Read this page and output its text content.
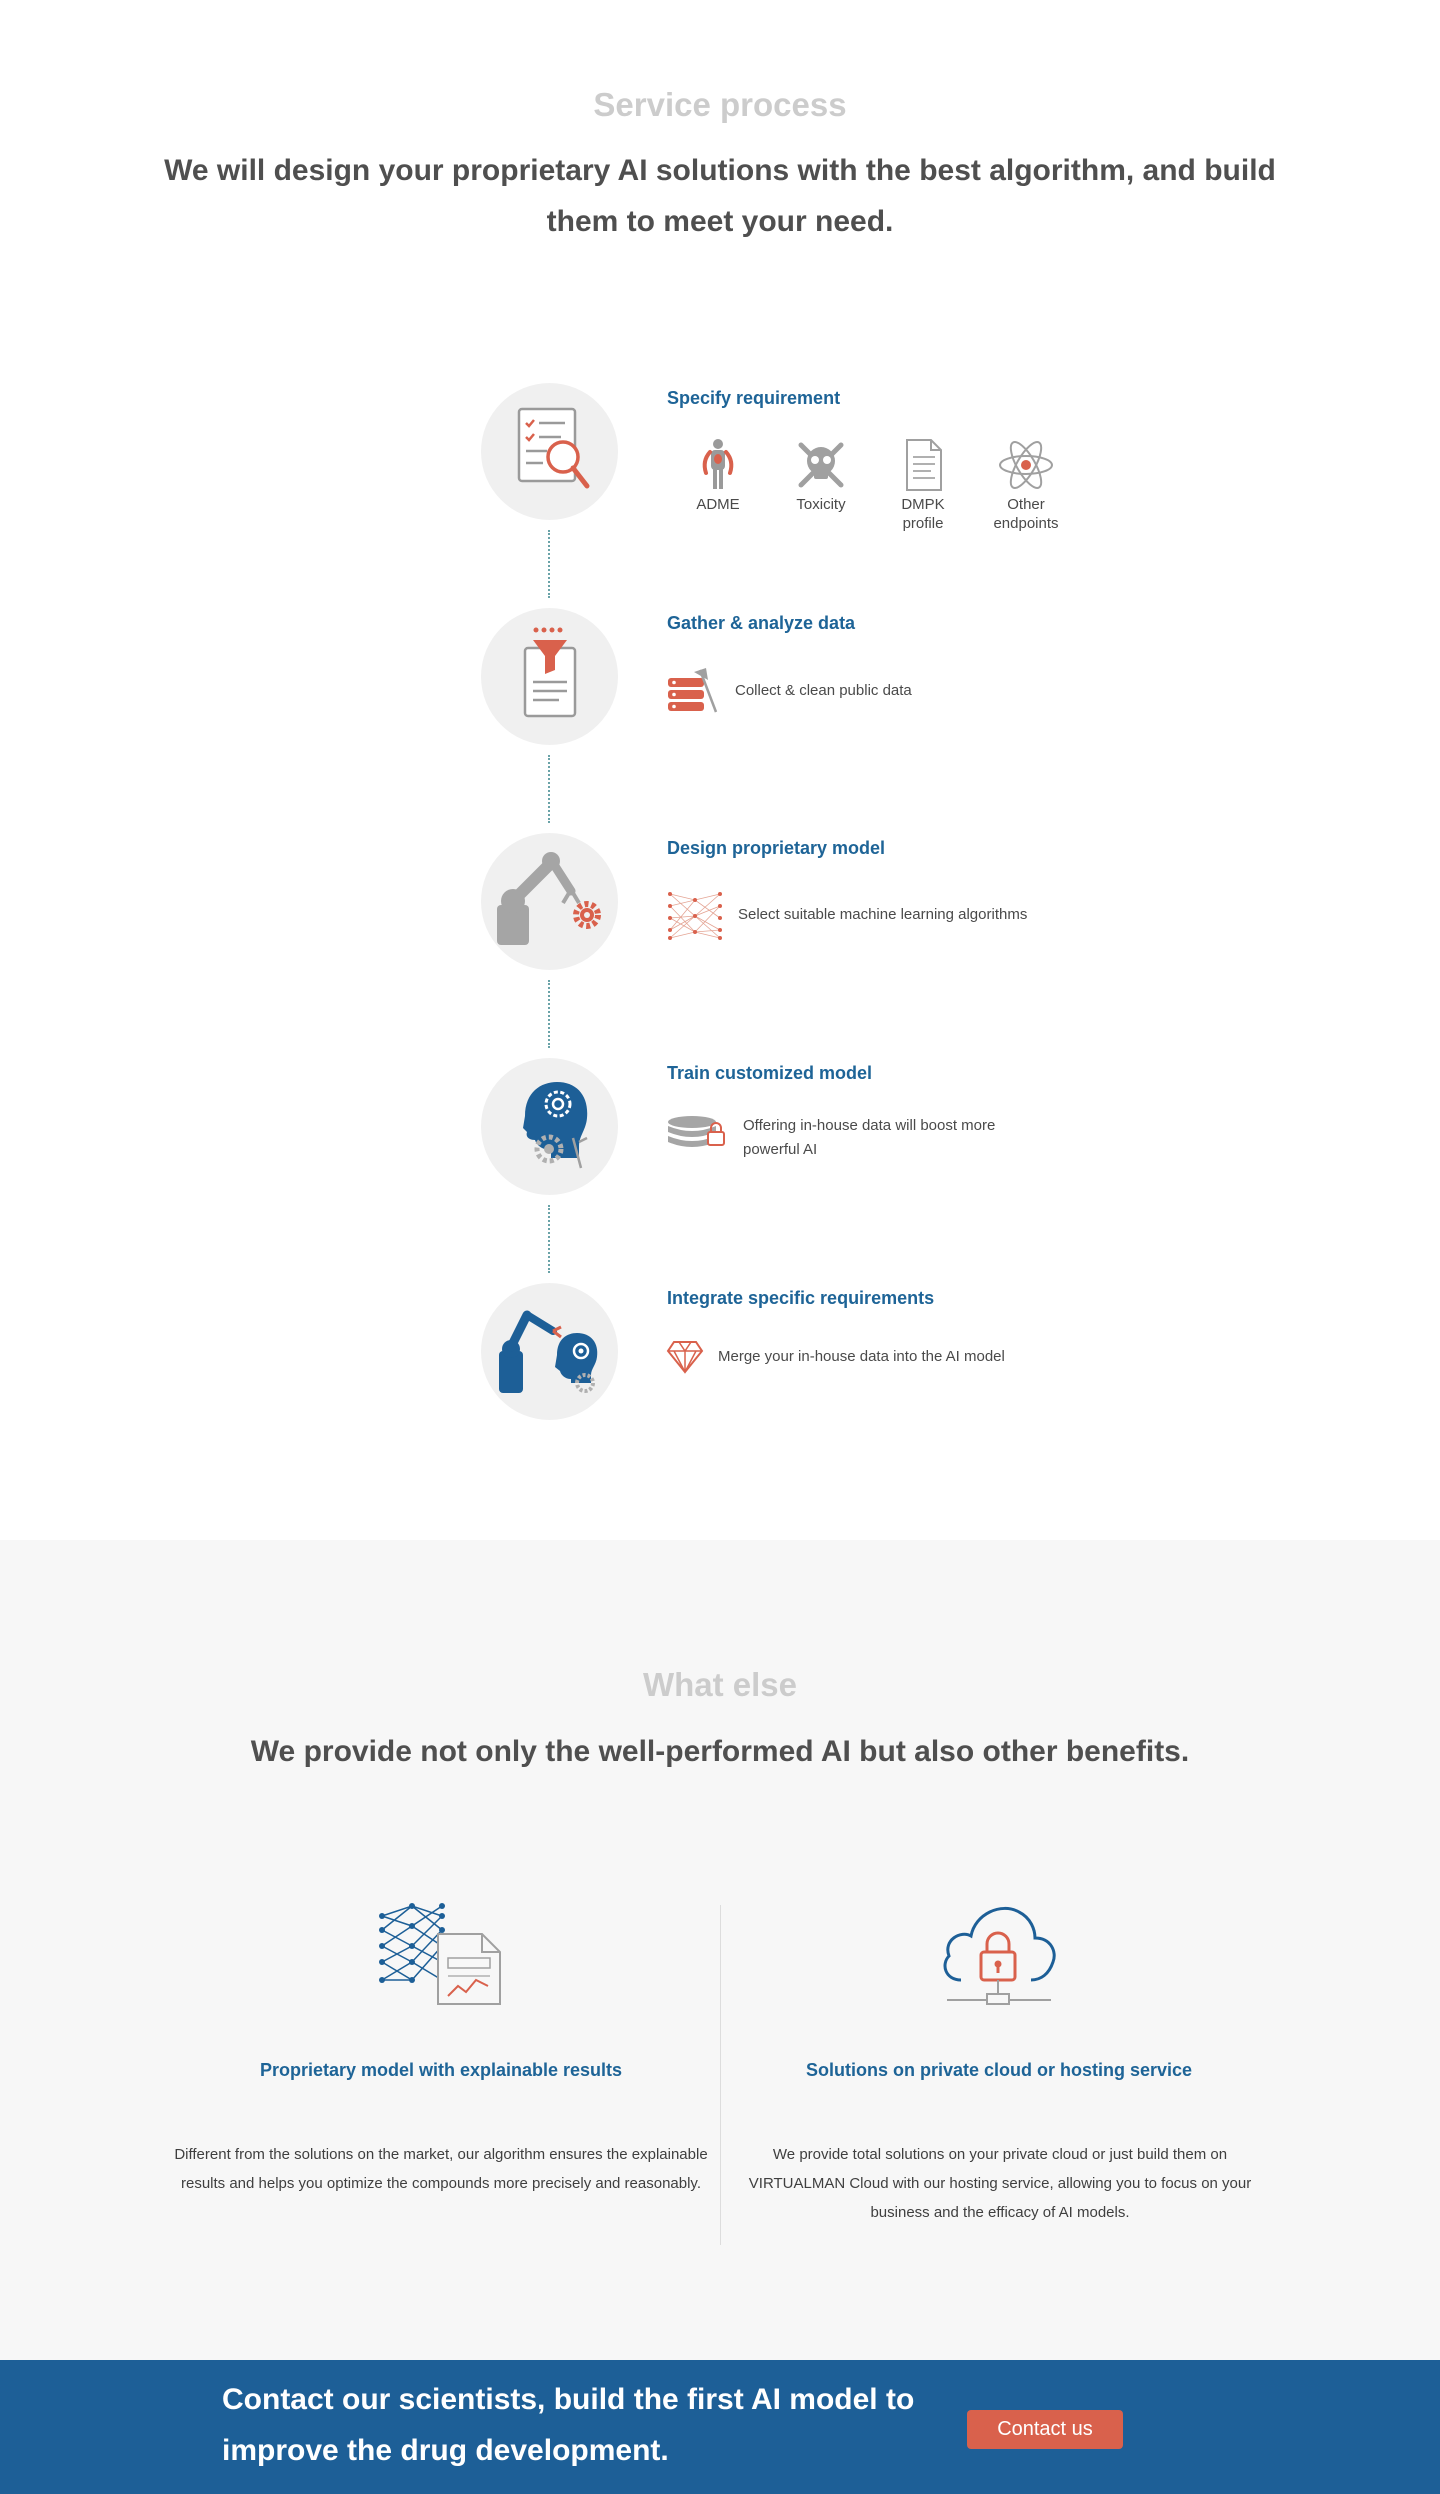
Service process

We will design your proprietary AI solutions with the best algorithm, and build them to meet your need.

Specify requirement
ADME	Toxicity	DMPK profile
Other endpoints
Gather & analyze data

Collect & clean public data

Design proprietary model

Select suitable machine learning algorithms

Train customized model

Offering in-house data will boost more powerful AI

Integrate specific requirements

Merge your in-house data into the AI model

What else

We provide not only the well-performed AI but also other benefits.

Proprietary model with explainable results

Different from the solutions on the market, our algorithm ensures the explainable results and helps you optimize the compounds more precisely and reasonably.

Solutions on private cloud or hosting service

We provide total solutions on your private cloud or just build them on VIRTUALMAN Cloud with our hosting service, allowing you to focus on your business and the efficacy of AI models.

Contact our scientists, build the first AI model to improve the drug development.

Contact us
